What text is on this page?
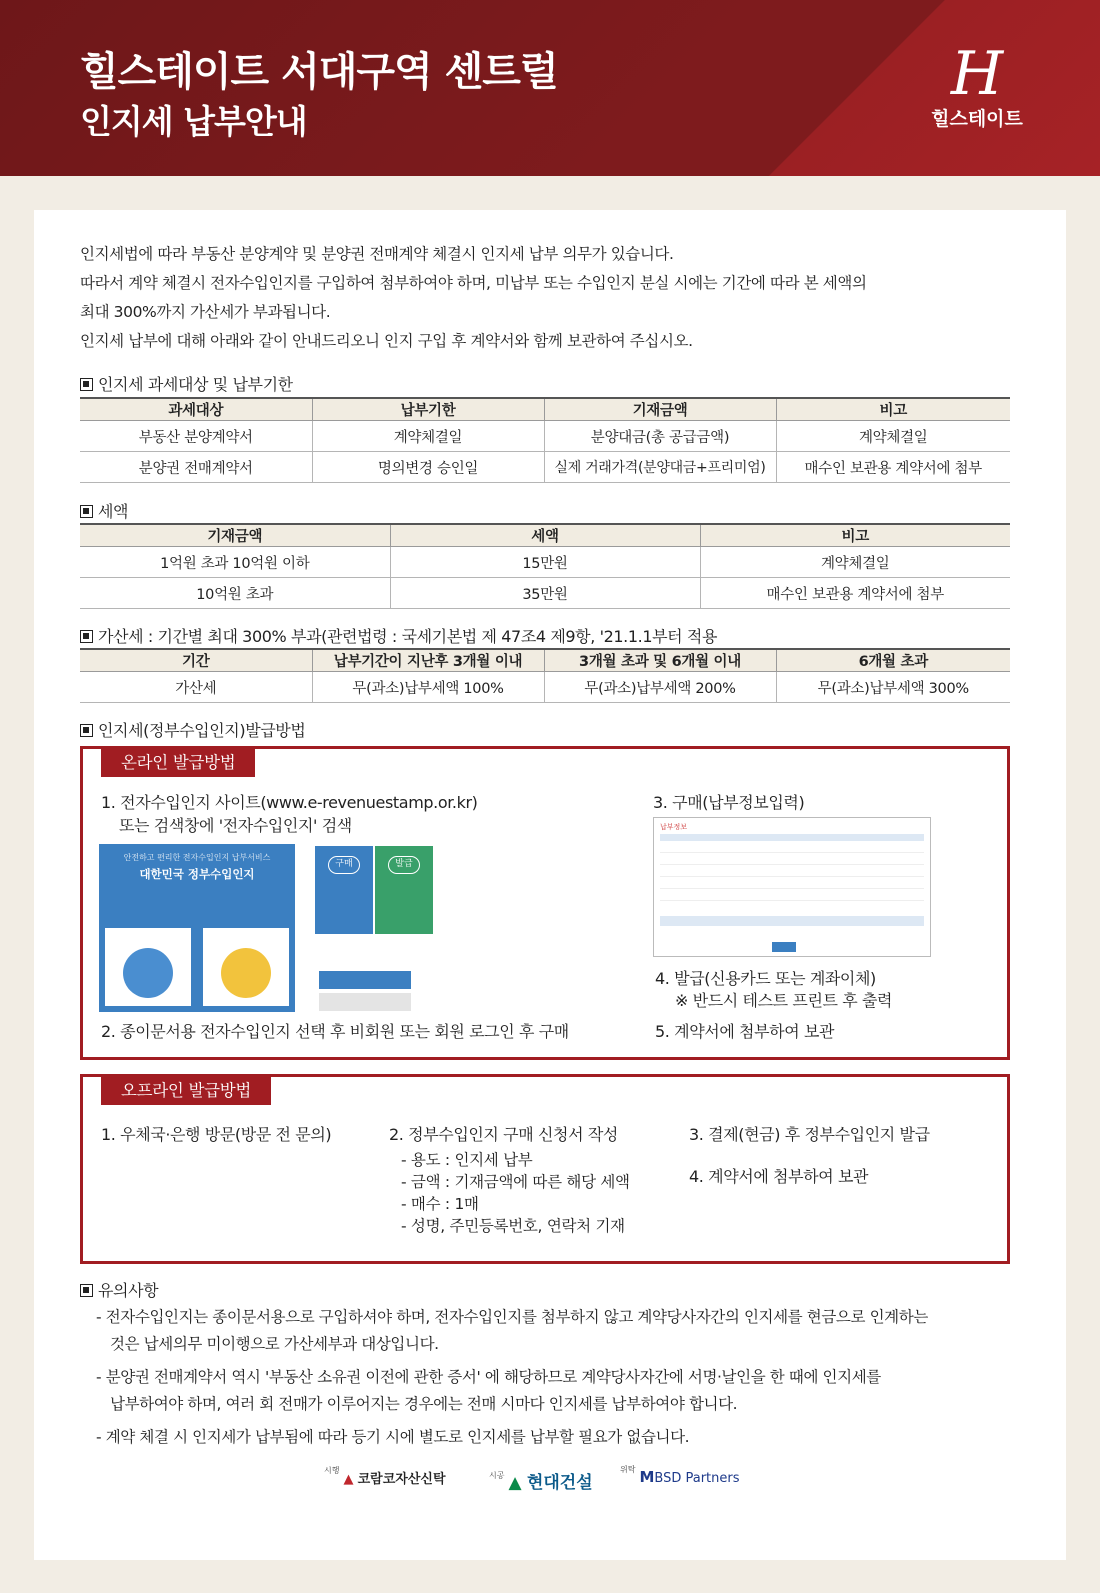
힐스테이트 서대구역 센트럴
인지세 납부안내
H
힐스테이트
인지세법에 따라 부동산 분양계약 및 분양권 전매계약 체결시 인지세 납부 의무가 있습니다.
따라서 계약 체결시 전자수입인지를 구입하여 첨부하여야 하며, 미납부 또는 수입인지 분실 시에는 기간에 따라 본 세액의
최대 300%까지 가산세가 부과됩니다.
인지세 납부에 대해 아래와 같이 안내드리오니 인지 구입 후 계약서와 함께 보관하여 주십시오.
인지세 과세대상 및 납부기한
과세대상	납부기한	기재금액	비고
부동산 분양계약서	계약체결일	분양대금(총 공급금액)	계약체결일
분양권 전매계약서	명의변경 승인일	실제 거래가격(분양대금+프리미엄)	매수인 보관용 계약서에 첨부
세액
기재금액	세액	비고
1억원 초과 10억원 이하	15만원	계약체결일
10억원 초과	35만원	매수인 보관용 계약서에 첨부
가산세 : 기간별 최대 300% 부과(관련법령 : 국세기본법 제 47조4 제9항, '21.1.1부터 적용
기간	납부기간이 지난후 3개월 이내	3개월 초과 및 6개월 이내	6개월 초과
가산세	무(과소)납부세액 100%	무(과소)납부세액 200%	무(과소)납부세액 300%
인지세(정부수입인지)발급방법
온라인 발급방법
1. 전자수입인지 사이트(www.e-revenuestamp.or.kr)
또는 검색창에 '전자수입인지' 검색
안전하고 편리한 전자수입인지 납부서비스
대한민국 정부수입인지
구매	발급
2. 종이문서용 전자수입인지 선택 후 비회원 또는 회원 로그인 후 구매
3. 구매(납부정보입력)
납부정보
4. 발급(신용카드 또는 계좌이체)
※ 반드시 테스트 프린트 후 출력
5. 계약서에 첨부하여 보관
오프라인 발급방법
1. 우체국·은행 방문(방문 전 문의)	2. 정부수입인지 구매 신청서 작성
- 용도 : 인지세 납부
- 금액 : 기재금액에 따른 해당 세액
- 매수 : 1매
- 성명, 주민등록번호, 연락처 기재
3. 결제(현금) 후 정부수입인지 발급
4. 계약서에 첨부하여 보관
유의사항
- 전자수입인지는 종이문서용으로 구입하셔야 하며, 전자수입인지를 첨부하지 않고 계약당사자간의 인지세를 현금으로 인계하는
것은 납세의무 미이행으로 가산세부과 대상입니다.
- 분양권 전매계약서 역시 '부동산 소유권 이전에 관한 증서' 에 해당하므로 계약당사자간에 서명·날인을 한 때에 인지세를
납부하여야 하며, 여러 회 전매가 이루어지는 경우에는 전매 시마다 인지세를 납부하여야 합니다.
- 계약 체결 시 인지세가 납부됨에 따라 등기 시에 별도로 인지세를 납부할 필요가 없습니다.
$^{시행}$▲ 코람코자산신탁	$^{시공}$ ▲ 현대건설
$^{위탁}$ MBSD Partners
